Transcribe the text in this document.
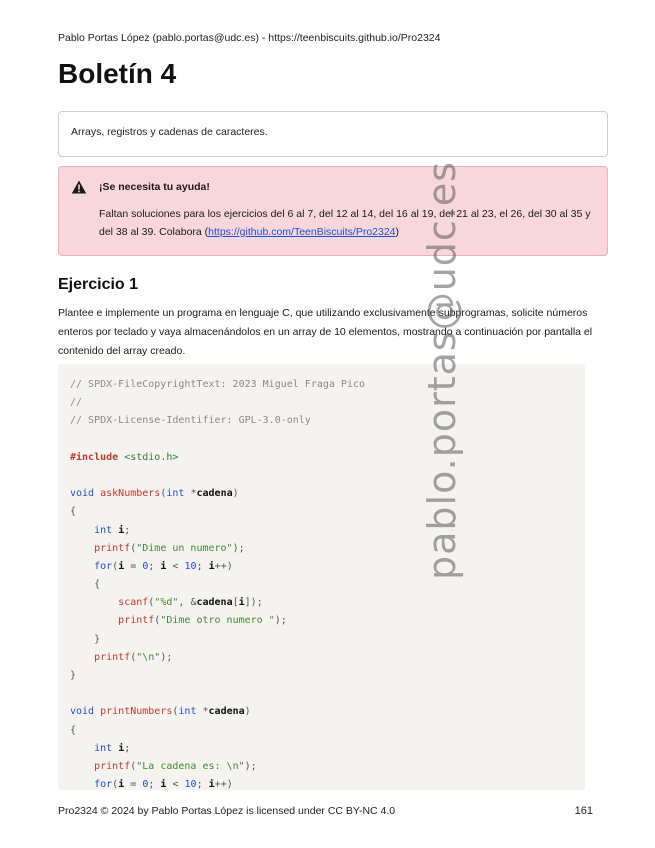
Pablo Portas López (pablo.portas@udc.es) - https://teenbiscuits.github.io/Pro2324
Boletín 4
Arrays, registros y cadenas de caracteres.
¡Se necesita tu ayuda!
Faltan soluciones para los ejercicios del 6 al 7, del 12 al 14, del 16 al 19, del 21 al 23, el 26, del 30 al 35 y del 38 al 39. Colabora (https://github.com/TeenBiscuits/Pro2324)
Ejercicio 1
Plantee e implemente un programa en lenguaje C, que utilizando exclusivamente subprogramas, solicite números enteros por teclado y vaya almacenándolos en un array de 10 elementos, mostrando a continuación por pantalla el contenido del array creado.
// SPDX-FileCopyrightText: 2023 Miguel Fraga Pico
//
// SPDX-License-Identifier: GPL-3.0-only
#include <stdio.h>
void askNumbers(int *cadena)
{
int i;
printf("Dime un numero");
for(i = 0; i < 10; i++)
{
scanf("%d", &cadena[i]);
printf("Dime otro numero ");
}
printf("\n");
}
void printNumbers(int *cadena)
{
int i;
printf("La cadena es: \n");
for(i = 0; i < 10; i++)
pablo.portas@udc.es
Pro2324 © 2024 by Pablo Portas López is licensed under CC BY-NC 4.0	161
